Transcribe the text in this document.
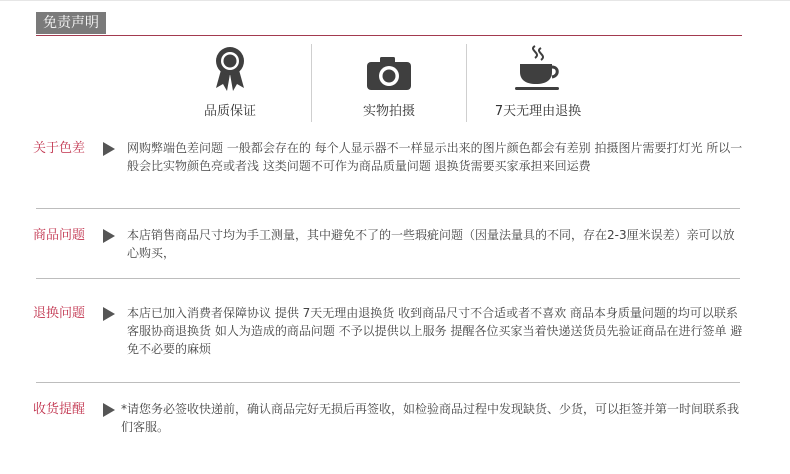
免责声明
品质保证	实物拍摄	7天无理由退换
关于色差	网购弊端色差问题 一般都会存在的 每个人显示器不一样显示出来的图片颜色都会有差别 拍摄图片需要打灯光 所以一般会比实物颜色亮或者浅 这类问题不可作为商品质量问题 退换货需要买家承担来回运费
商品问题	本店销售商品尺寸均为手工测量，其中避免不了的一些瑕疵问题（因量法量具的不同，存在2-3厘米误差）亲可以放心购买，
退换问题	本店已加入消费者保障协议 提供 7天无理由退换货 收到商品尺寸不合适或者不喜欢 商品本身质量问题的均可以联系客服协商退换货 如人为造成的商品问题 不予以提供以上服务 提醒各位买家当着快递送货员先验证商品在进行签单 避免不必要的麻烦
收货提醒	*请您务必签收快递前，确认商品完好无损后再签收，如检验商品过程中发现缺货、少货，可以拒签并第一时间联系我们客服。
